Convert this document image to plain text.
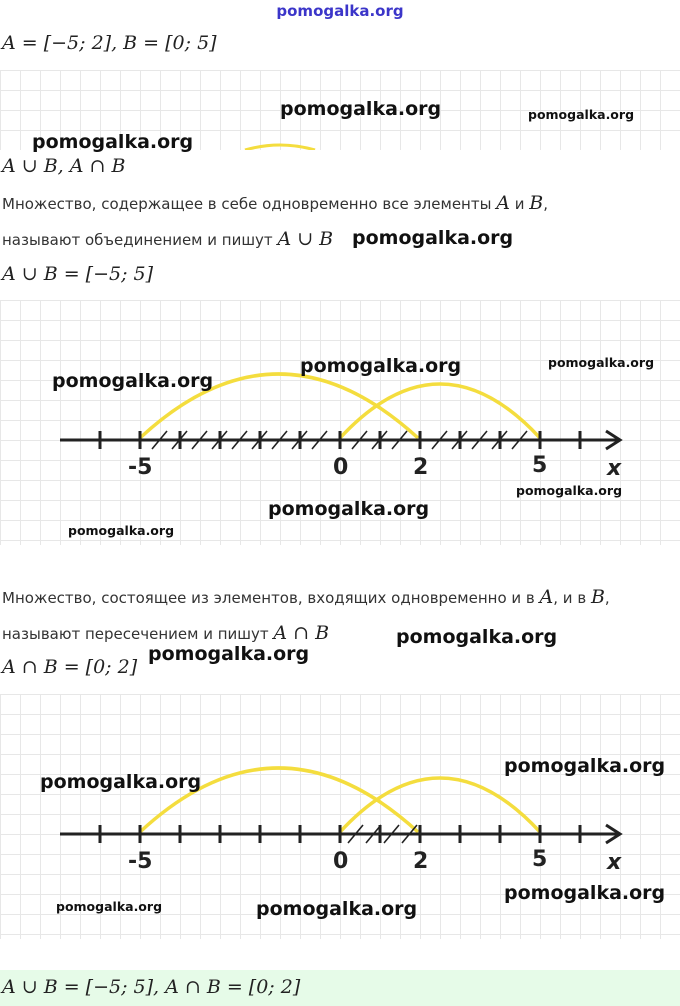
pomogalka.org
A = [−5; 2], B = [0; 5]
pomogalka.org	pomogalka.org
pomogalka.org
A ∪ B, A ∩ B
Множество, содержащее в себе одновременно все элементы A и B,
называют объединением и пишут A ∪ B pomogalka.org
A ∪ B = [−5; 5]
-5	0	2	5	x
pomogalka.org
pomogalka.org	pomogalka.org
pomogalka.org
pomogalka.org
pomogalka.org
Множество, состоящее из элементов, входящих одновременно и в A, и в B,
называют пересечением и пишут A ∩ B	pomogalka.org
A ∩ B = [0; 2]
pomogalka.org
-5	0	2	5	x
pomogalka.org
pomogalka.org
pomogalka.org
pomogalka.org	pomogalka.org
A ∪ B = [−5; 5], A ∩ B = [0; 2]
